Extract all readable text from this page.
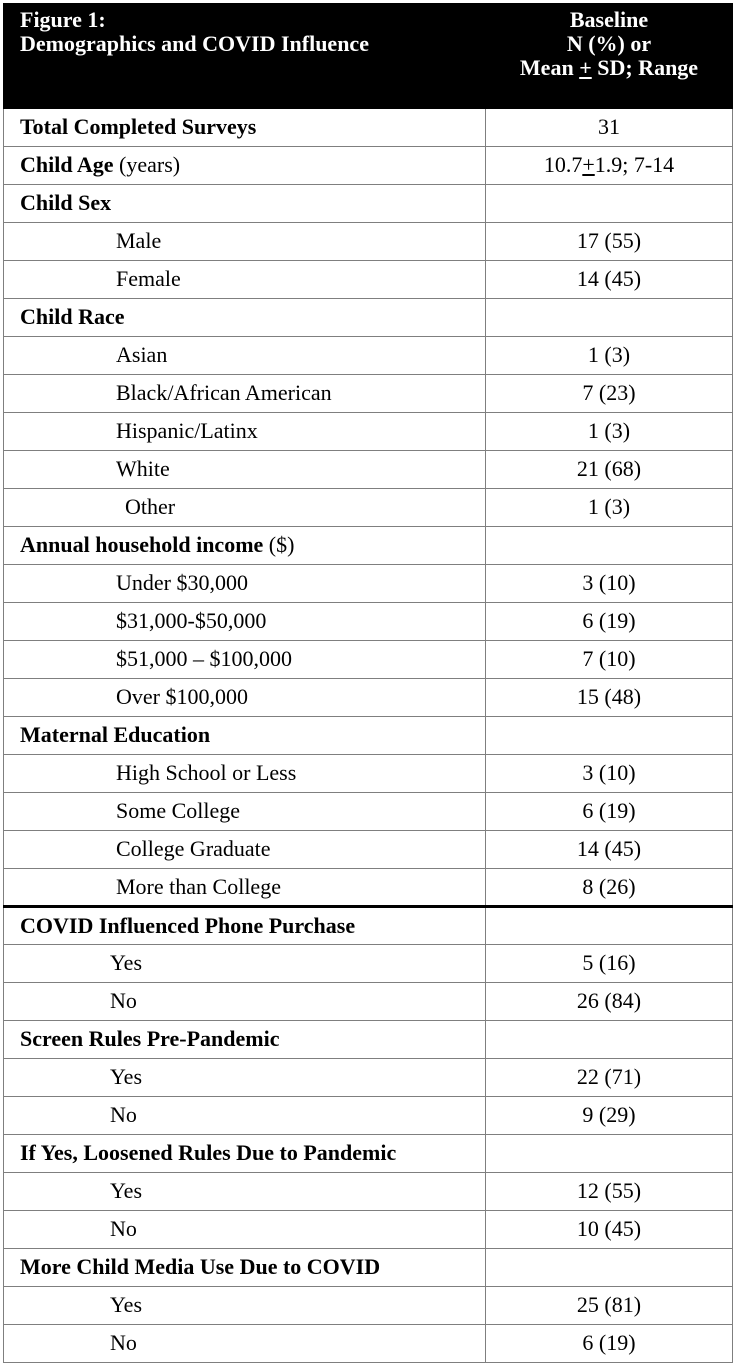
Figure 1:
Demographics and COVID Influence	Baseline
N (%) or
Mean + SD; Range

Total Completed Surveys	31
Child Age (years)	10.7+1.9; 7-14
Child Sex	
Male	17 (55)
Female	14 (45)
Child Race	
Asian	1 (3)
Black/African American	7 (23)
Hispanic/Latinx	1 (3)
White	21 (68)
Other	1 (3)
Annual household income ($)	
Under $30,000	3 (10)
$31,000-$50,000	6 (19)
$51,000 – $100,000	7 (10)
Over $100,000	15 (48)
Maternal Education	
High School or Less	3 (10)
Some College	6 (19)
College Graduate	14 (45)
More than College	8 (26)
COVID Influenced Phone Purchase	
Yes	5 (16)
No	26 (84)
Screen Rules Pre-Pandemic	
Yes	22 (71)
No	9 (29)
If Yes, Loosened Rules Due to Pandemic	
Yes	12 (55)
No	10 (45)
More Child Media Use Due to COVID	
Yes	25 (81)
No	6 (19)
